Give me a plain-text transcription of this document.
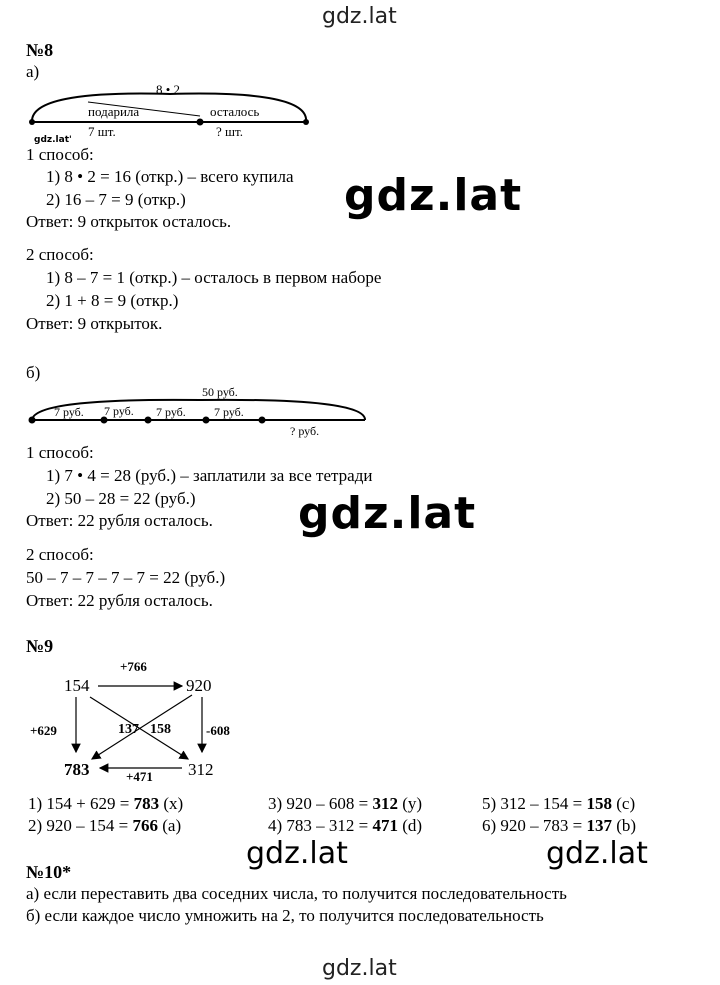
gdz.lat
gdz.lat
№8
а)
8 • 2
подарила	осталось
7 шт.	? шт.
gdz.lat'
1 способ:
1) 8 • 2 = 16 (откр.) – всего купила
2) 16 – 7 = 9 (откр.)
Ответ: 9 открыток осталось.
gdz.lat
2 способ:
1) 8 – 7 = 1 (откр.) – осталось в первом наборе
2) 1 + 8 = 9 (откр.)
Ответ: 9 открыток.
б)
50 руб.
7 руб. 7 руб. 7 руб. 7 руб.
? руб.
1 способ:
1) 7 • 4 = 28 (руб.) – заплатили за все тетради
2) 50 – 28 = 22 (руб.)
Ответ: 22 рубля осталось. gdz.lat
2 способ:
50 – 7 – 7 – 7 – 7 = 22 (руб.)
Ответ: 22 рубля осталось.
№9
154	920
783	312
+766
+629	-608
+471
137 158
1) 154 + 629 = 783 (x)
2) 920 – 154 = 766 (a)
3) 920 – 608 = 312 (y)
4) 783 – 312 = 471 (d)
5) 312 – 154 = 158 (c)
6) 920 – 783 = 137 (b)
gdz.lat	gdz.lat
№10*
а) если переставить два соседних числа, то получится последовательность
б) если каждое число умножить на 2, то получится последовательность
